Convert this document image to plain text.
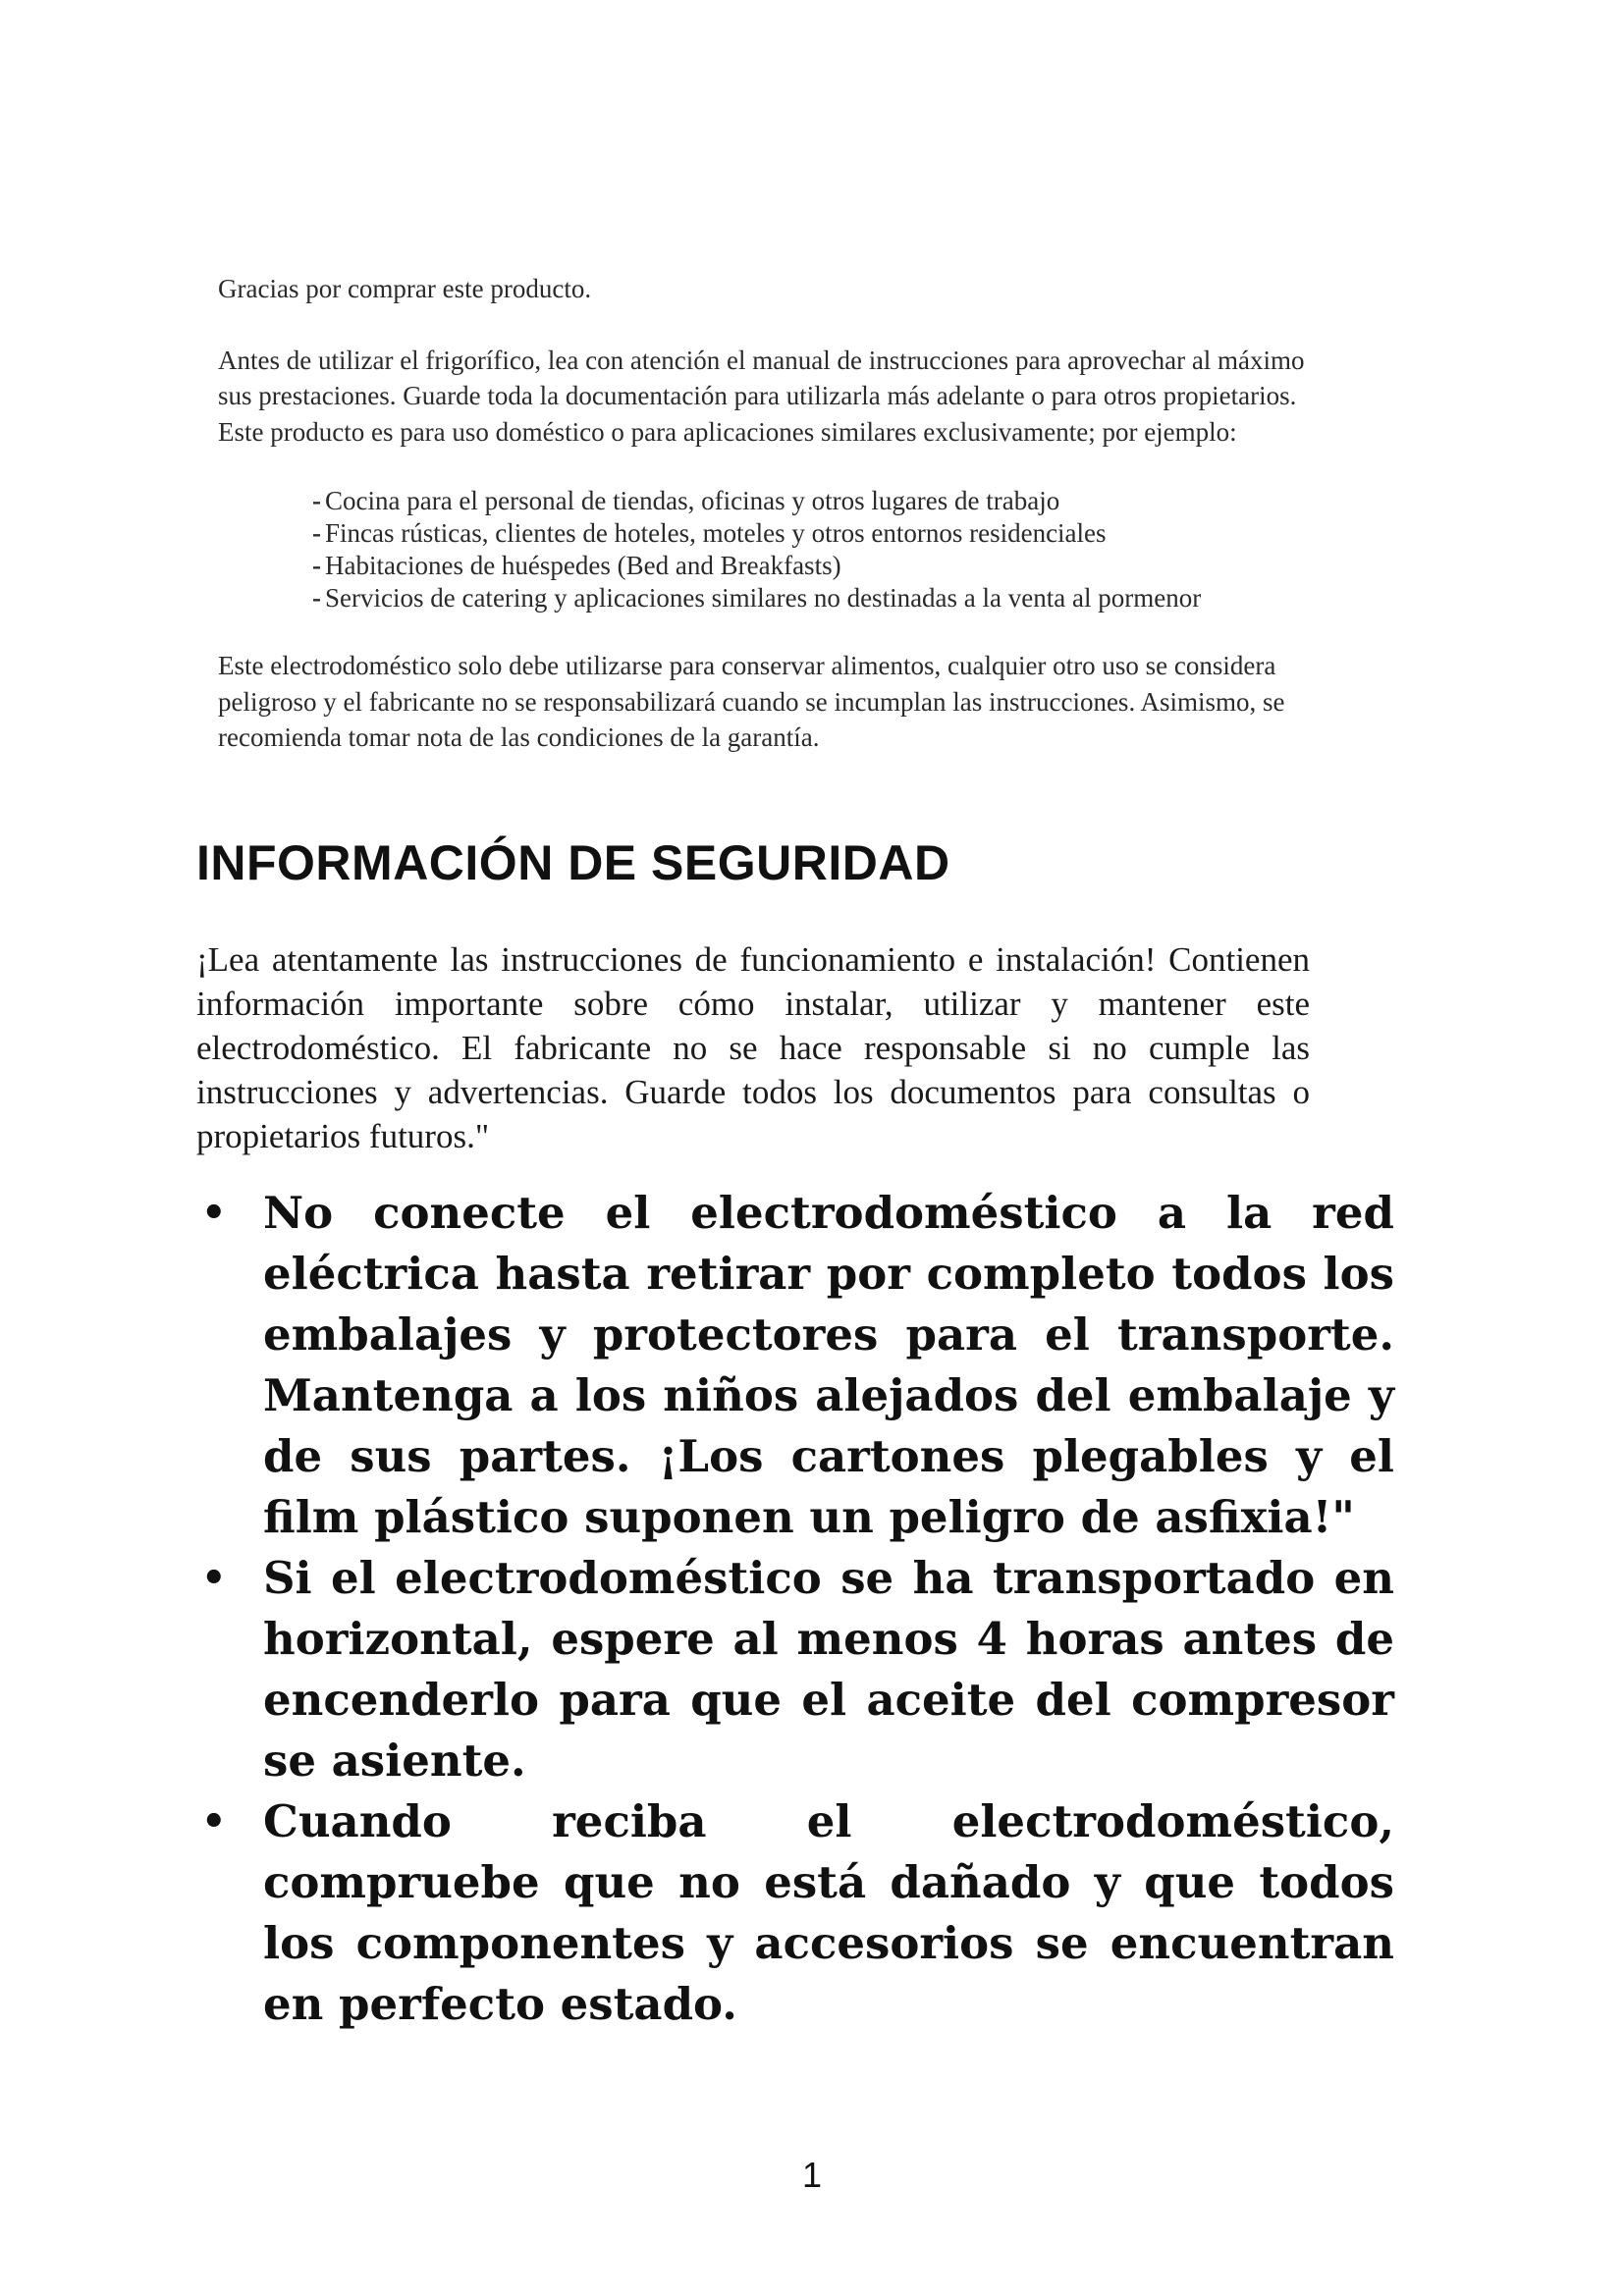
Gracias por comprar este producto.

Antes de utilizar el frigorífico, lea con atención el manual de instrucciones para aprovechar al máximo sus prestaciones. Guarde toda la documentación para utilizarla más adelante o para otros propietarios. Este producto es para uso doméstico o para aplicaciones similares exclusivamente; por ejemplo:

- Cocina para el personal de tiendas, oficinas y otros lugares de trabajo
- Fincas rústicas, clientes de hoteles, moteles y otros entornos residenciales
- Habitaciones de huéspedes (Bed and Breakfasts)
- Servicios de catering y aplicaciones similares no destinadas a la venta al pormenor

Este electrodoméstico solo debe utilizarse para conservar alimentos, cualquier otro uso se considera peligroso y el fabricante no se responsabilizará cuando se incumplan las instrucciones. Asimismo, se recomienda tomar nota de las condiciones de la garantía.

INFORMACIÓN DE SEGURIDAD

¡Lea atentamente las instrucciones de funcionamiento e instalación! Contienen información importante sobre cómo instalar, utilizar y mantener este electrodoméstico. El fabricante no se hace responsable si no cumple las instrucciones y advertencias. Guarde todos los documentos para consultas o propietarios futuros."

• No conecte el electrodoméstico a la red eléctrica hasta retirar por completo todos los embalajes y protectores para el transporte. Mantenga a los niños alejados del embalaje y de sus partes. ¡Los cartones plegables y el film plástico suponen un peligro de asfixia!"
• Si el electrodoméstico se ha transportado en horizontal, espere al menos 4 horas antes de encenderlo para que el aceite del compresor se asiente.
• Cuando reciba el electrodoméstico, compruebe que no está dañado y que todos los componentes y accesorios se encuentran en perfecto estado.
1
